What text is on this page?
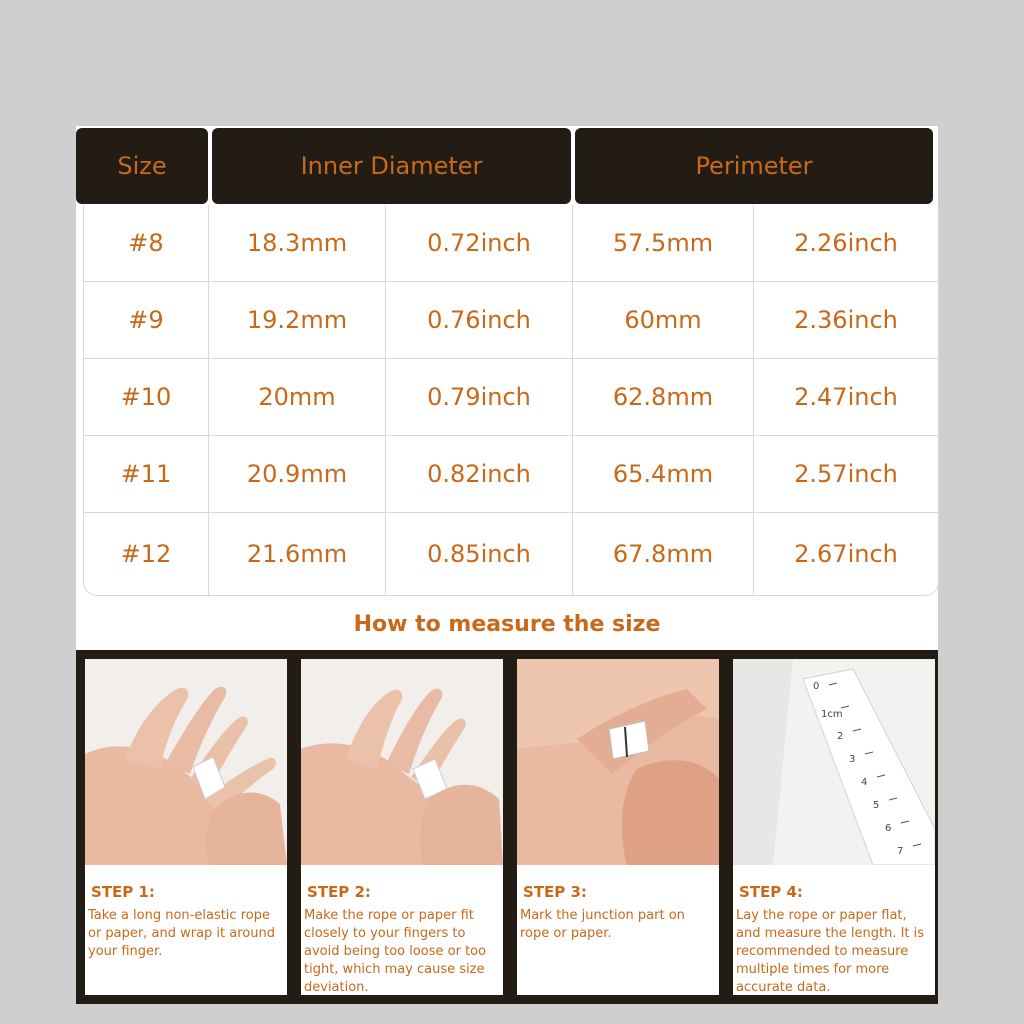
Size	Inner Diameter	Perimeter
#8	18.3mm	0.72inch	57.5mm	2.26inch
#9	19.2mm	0.76inch	60mm	2.36inch
#10	20mm	0.79inch	62.8mm	2.47inch
#11	20.9mm	0.82inch	65.4mm	2.57inch
#12	21.6mm	0.85inch	67.8mm	2.67inch
How to measure the size
STEP 1:
Take a long non-elastic rope or paper, and wrap it around your finger.
STEP 2:
Make the rope or paper fit closely to your fingers to avoid being too loose or too tight, which may cause size deviation.
STEP 3:
Mark the junction part on rope or paper.
0
1cm
2
3
4
5
6
7
STEP 4:
Lay the rope or paper flat, and measure the length. It is recommended to measure multiple times for more accurate data.
